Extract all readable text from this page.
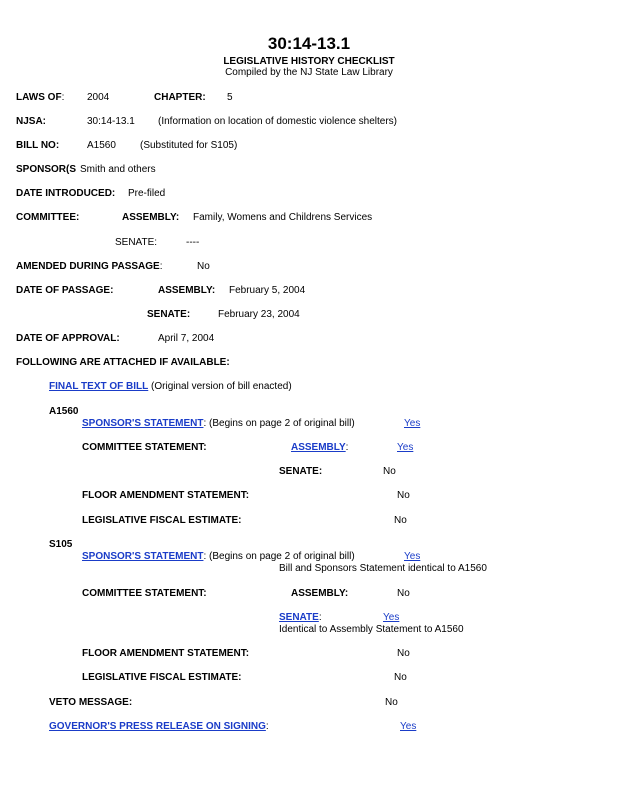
30:14-13.1
LEGISLATIVE HISTORY CHECKLIST
Compiled by the NJ State Law Library
LAWS OF: 2004	CHAPTER: 5
NJSA:	30:14-13.1 (Information on location of domestic violence shelters)
BILL NO:	A1560 (Substituted for S105)
SPONSOR(S Smith and others
DATE INTRODUCED: Pre-filed
COMMITTEE:	ASSEMBLY: Family, Womens and Childrens Services
SENATE:	----
AMENDED DURING PASSAGE:	No
DATE OF PASSAGE:	ASSEMBLY: February 5, 2004
SENATE:	February 23, 2004
DATE OF APPROVAL:	April 7, 2004
FOLLOWING ARE ATTACHED IF AVAILABLE:
FINAL TEXT OF BILL (Original version of bill enacted)
A1560
SPONSOR'S STATEMENT: (Begins on page 2 of original bill)	Yes
COMMITTEE STATEMENT:	ASSEMBLY:	Yes
SENATE:	No
FLOOR AMENDMENT STATEMENT:	No
LEGISLATIVE FISCAL ESTIMATE:	No
S105
SPONSOR'S STATEMENT: (Begins on page 2 of original bill)	Yes
Bill and Sponsors Statement identical to A1560
COMMITTEE STATEMENT:	ASSEMBLY:	No
SENATE:	Yes
Identical to Assembly Statement to A1560
FLOOR AMENDMENT STATEMENT:	No
LEGISLATIVE FISCAL ESTIMATE:	No
VETO MESSAGE:	No
GOVERNOR'S PRESS RELEASE ON SIGNING:	Yes
